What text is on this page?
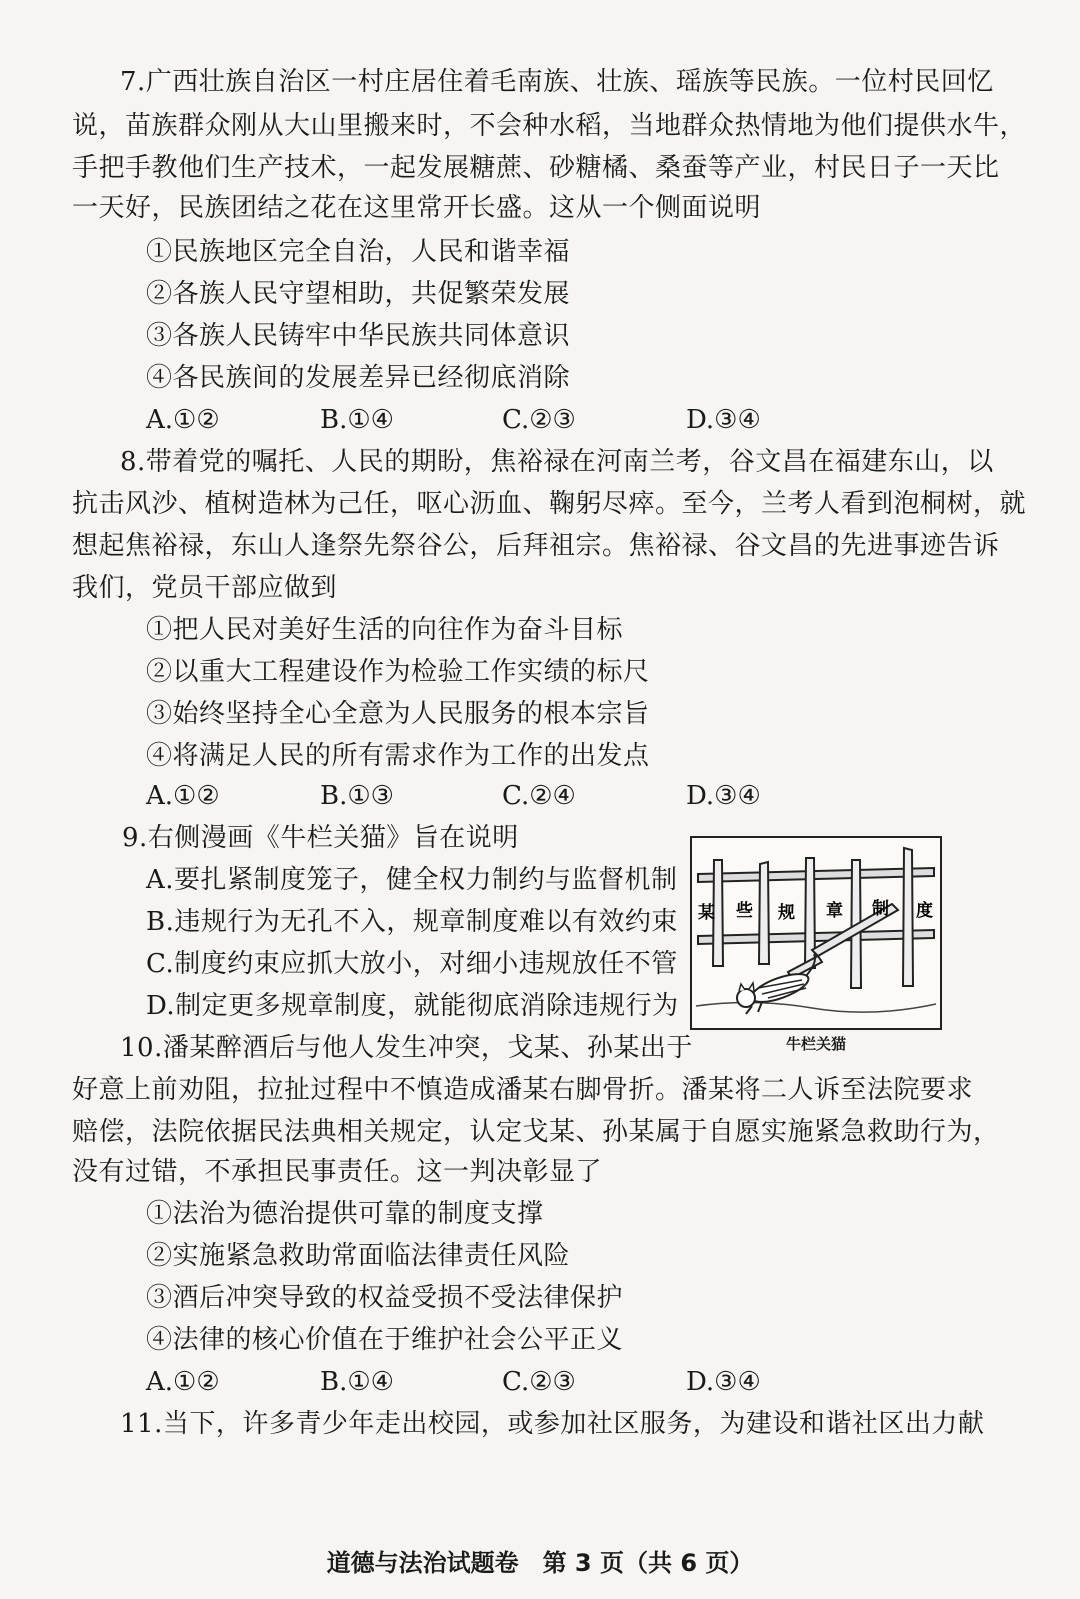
7.广西壮族自治区一村庄居住着毛南族、壮族、瑶族等民族。一位村民回忆
说，苗族群众刚从大山里搬来时，不会种水稻，当地群众热情地为他们提供水牛，
手把手教他们生产技术，一起发展糖蔗、砂糖橘、桑蚕等产业，村民日子一天比
一天好，民族团结之花在这里常开长盛。这从一个侧面说明
①民族地区完全自治，人民和谐幸福
②各族人民守望相助，共促繁荣发展
③各族人民铸牢中华民族共同体意识
④各民族间的发展差异已经彻底消除
A.①②	B.①④	C.②③	D.③④
8.带着党的嘱托、人民的期盼，焦裕禄在河南兰考，谷文昌在福建东山，以
抗击风沙、植树造林为己任，呕心沥血、鞠躬尽瘁。至今，兰考人看到泡桐树，就
想起焦裕禄，东山人逢祭先祭谷公，后拜祖宗。焦裕禄、谷文昌的先进事迹告诉
我们，党员干部应做到
①把人民对美好生活的向往作为奋斗目标
②以重大工程建设作为检验工作实绩的标尺
③始终坚持全心全意为人民服务的根本宗旨
④将满足人民的所有需求作为工作的出发点
A.①②	B.①③	C.②④	D.③④
9.右侧漫画《牛栏关猫》旨在说明
A.要扎紧制度笼子，健全权力制约与监督机制
B.违规行为无孔不入，规章制度难以有效约束
C.制度约束应抓大放小，对细小违规放任不管
D.制定更多规章制度，就能彻底消除违规行为
某 些 规 章 制 度
牛栏关猫
10.潘某醉酒后与他人发生冲突，戈某、孙某出于
好意上前劝阻，拉扯过程中不慎造成潘某右脚骨折。潘某将二人诉至法院要求
赔偿，法院依据民法典相关规定，认定戈某、孙某属于自愿实施紧急救助行为，
没有过错，不承担民事责任。这一判决彰显了
①法治为德治提供可靠的制度支撑
②实施紧急救助常面临法律责任风险
③酒后冲突导致的权益受损不受法律保护
④法律的核心价值在于维护社会公平正义
A.①②	B.①④	C.②③	D.③④
11.当下，许多青少年走出校园，或参加社区服务，为建设和谐社区出力献
道德与法治试题卷　第 3 页（共 6 页）
